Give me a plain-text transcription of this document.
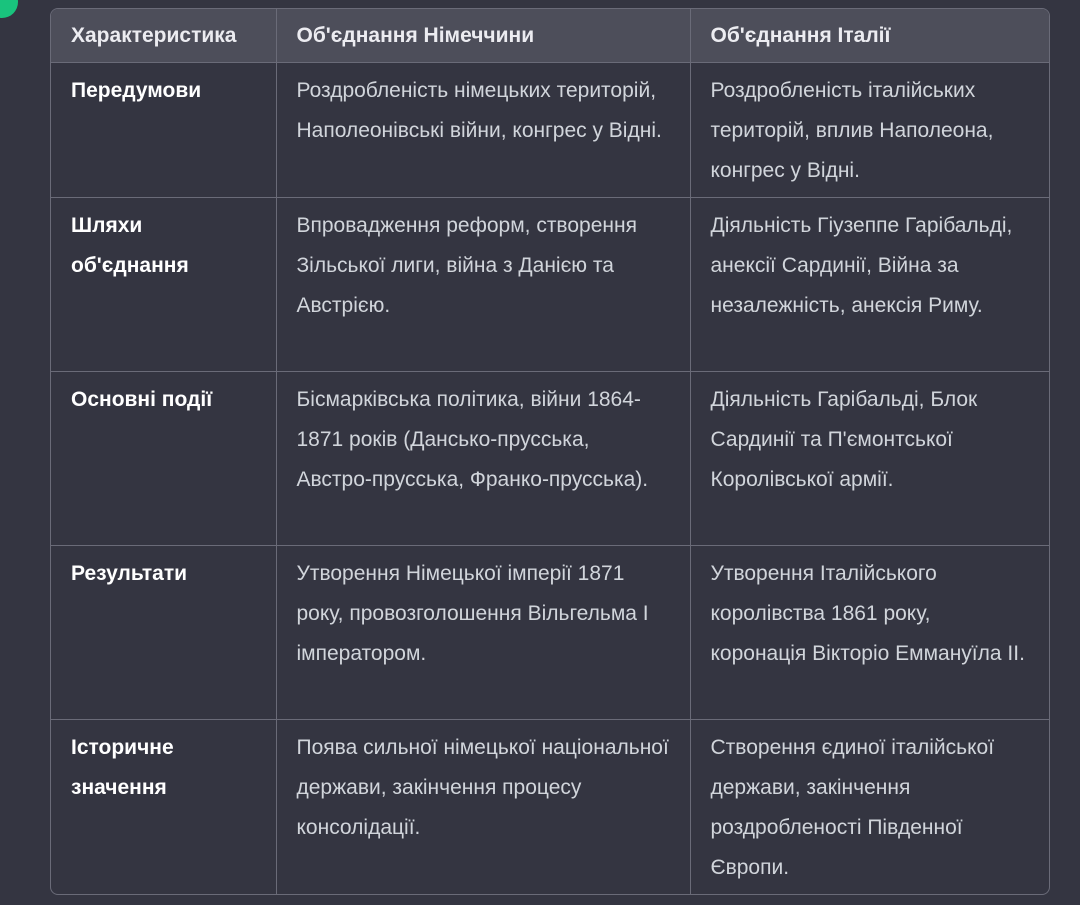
Характеристика	Об'єднання Німеччини	Об'єднання Італії
Передумови	Роздробленість німецьких територій, Наполеонівські війни, конгрес у Відні.	Роздробленість італійських територій, вплив Наполеона, конгрес у Відні.
Шляхи об'єднання	Впровадження реформ, створення Зільської лиги, війна з Данією та Австрією.	Діяльність Гіузеппе Гарібальді, анексії Сардинії, Війна за незалежність, анексія Риму.
Основні події	Бісмарківська політика, війни 1864-1871 років (Дансько-прусська, Австро-прусська, Франко-прусська).	Діяльність Гарібальді, Блок Сардинії та П'ємонтської Королівської армії.
Результати	Утворення Німецької імперії 1871 року, провозголошення Вільгельма I імператором.	Утворення Італійського королівства 1861 року, коронація Вікторіо Еммануїла II.
Історичне значення	Поява сильної німецької національної держави, закінчення процесу консолідації.	Створення єдиної італійської держави, закінчення роздробленості Південної Європи.
